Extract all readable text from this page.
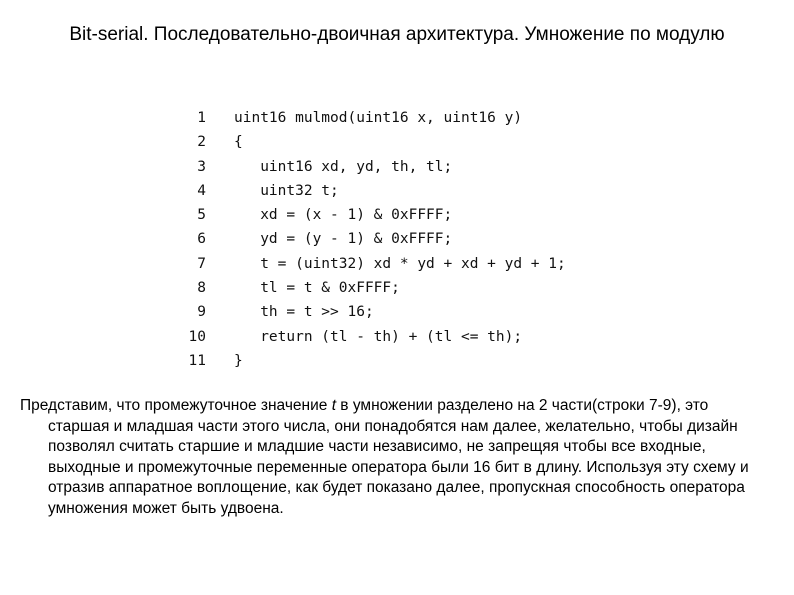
Bit-serial. Последовательно-двоичная архитектура. Умножение по модулю
1	uint16 mulmod(uint16 x, uint16 y)
2	{
3	uint16 xd, yd, th, tl;
4	uint32 t;
5	xd = (x - 1) & 0xFFFF;
6	yd = (y - 1) & 0xFFFF;
7	t = (uint32) xd * yd + xd + yd + 1;
8	tl = t & 0xFFFF;
9	th = t >> 16;
10	return (tl - th) + (tl <= th);
11	}

Представим, что промежуточное значение t в умножении разделено на 2 части(строки 7-9), это старшая и младшая части этого числа, они понадобятся нам далее, желательно, чтобы дизайн позволял считать старшие и младшие части независимо, не запрещяя чтобы все входные, выходные и промежуточные переменные оператора были 16 бит в длину. Используя эту схему и отразив аппаратное воплощение, как будет показано далее, пропускная способность оператора умножения может быть удвоена.
